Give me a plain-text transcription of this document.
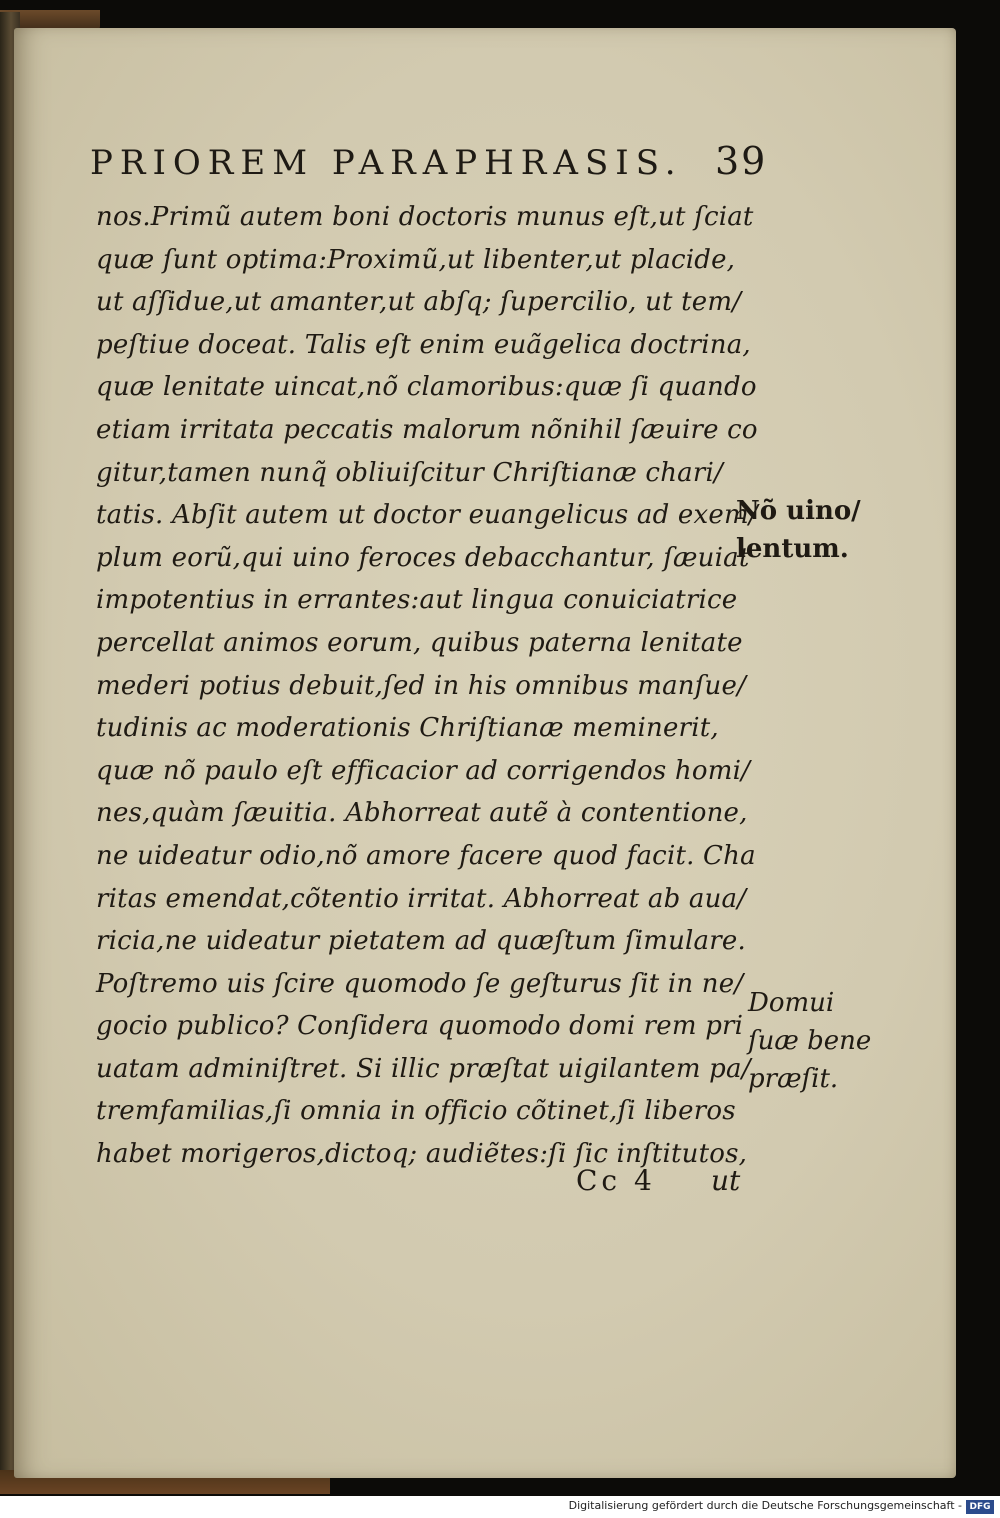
PRIOREM PARAPHRASIS. 39
nos.Primũ autem boni doctoris munus eſt,ut ſciat
quæ ſunt optima:Proximũ,ut libenter,ut placide,
ut aſſidue,ut amanter,ut abſq; ſupercilio, ut tem/
peſtiue doceat. Talis eſt enim euãgelica doctrina,
quæ lenitate uincat,nõ clamoribus:quæ ſi quando
etiam irritata peccatis malorum nõnihil ſæuire co
gitur,tamen nunq̃ obliuiſcitur Chriſtianæ chari/
tatis. Abſit autem ut doctor euangelicus ad exem/
plum eorũ,qui uino feroces debacchantur, ſæuiat
impotentius in errantes:aut lingua conuiciatrice
percellat animos eorum, quibus paterna lenitate
mederi potius debuit,ſed in his omnibus manſue/
tudinis ac moderationis Chriſtianæ meminerit,
quæ nõ paulo eſt efficacior ad corrigendos homi/
nes,quàm ſæuitia. Abhorreat autẽ à contentione,
ne uideatur odio,nõ amore facere quod facit. Cha
ritas emendat,cõtentio irritat. Abhorreat ab aua/
ricia,ne uideatur pietatem ad quæſtum ſimulare.
Poſtremo uis ſcire quomodo ſe geſturus ſit in ne/
gocio publico? Conſidera quomodo domi rem pri
uatam adminiſtret. Si illic præſtat uigilantem pa/
tremfamilias,ſi omnia in officio cõtinet,ſi liberos
habet morigeros,dictoq; audiẽtes:ſi ſic inſtitutos,
Nõ uino/
lentum.
Domui
ſuæ bene
præſit.
Cc 4 ut
Digitalisierung gefördert durch die Deutsche Forschungsgemeinschaft - DFG
